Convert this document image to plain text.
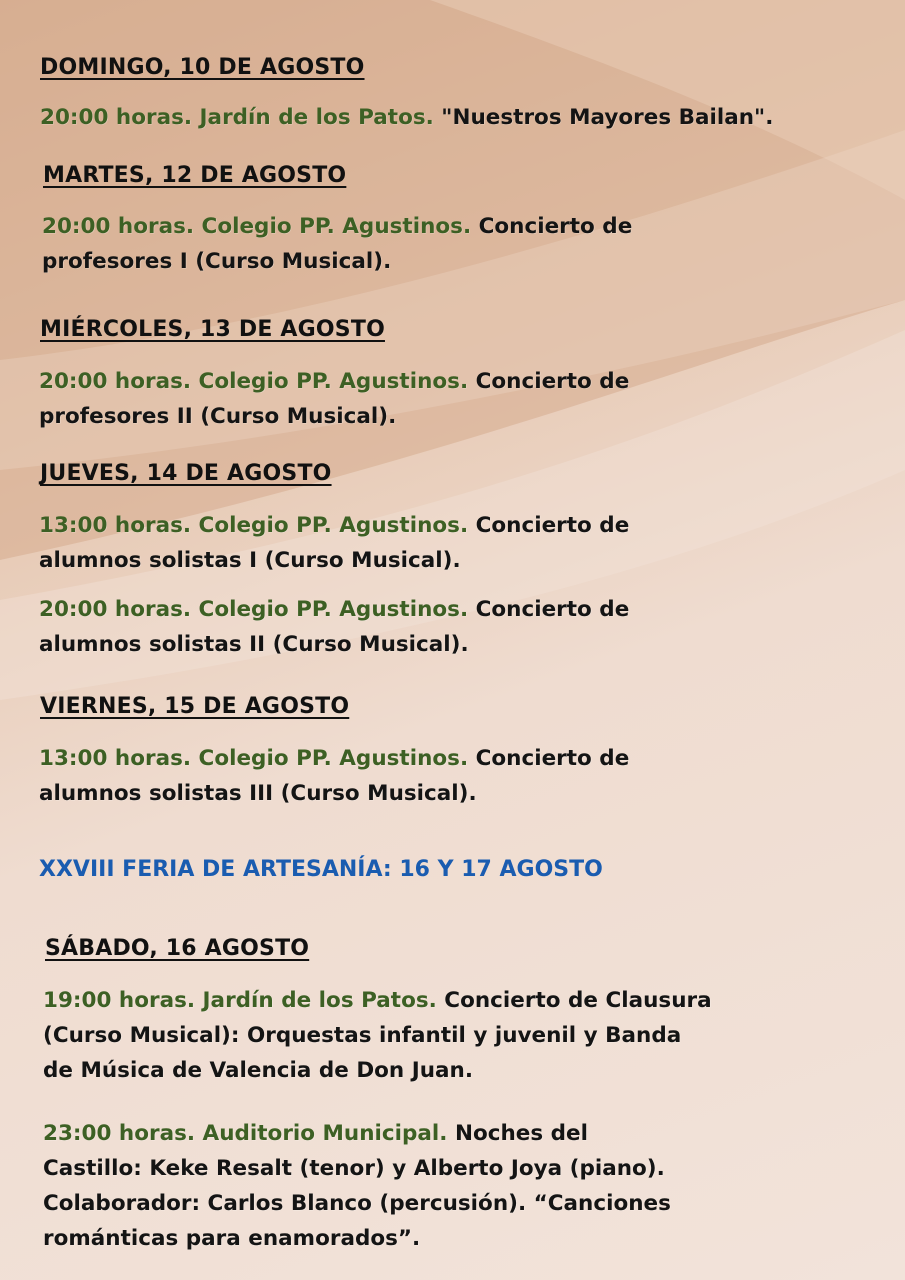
DOMINGO, 10 DE AGOSTO

20:00 horas. Jardín de los Patos. "Nuestros Mayores Bailan".

MARTES, 12 DE AGOSTO

20:00 horas. Colegio PP. Agustinos. Concierto de profesores I (Curso Musical).

MIÉRCOLES, 13 DE AGOSTO

20:00 horas. Colegio PP. Agustinos. Concierto de profesores II (Curso Musical).

JUEVES, 14 DE AGOSTO

13:00 horas. Colegio PP. Agustinos. Concierto de alumnos solistas I (Curso Musical).

20:00 horas. Colegio PP. Agustinos. Concierto de alumnos solistas II (Curso Musical).

VIERNES, 15 DE AGOSTO

13:00 horas. Colegio PP. Agustinos. Concierto de alumnos solistas III (Curso Musical).

XXVIII FERIA DE ARTESANÍA: 16 Y 17 AGOSTO
SÁBADO, 16 AGOSTO

19:00 horas. Jardín de los Patos. Concierto de Clausura (Curso Musical): Orquestas infantil y juvenil y Banda de Música de Valencia de Don Juan.

23:00 horas. Auditorio Municipal. Noches del Castillo: Keke Resalt (tenor) y Alberto Joya (piano). Colaborador: Carlos Blanco (percusión). “Canciones románticas para enamorados”.
